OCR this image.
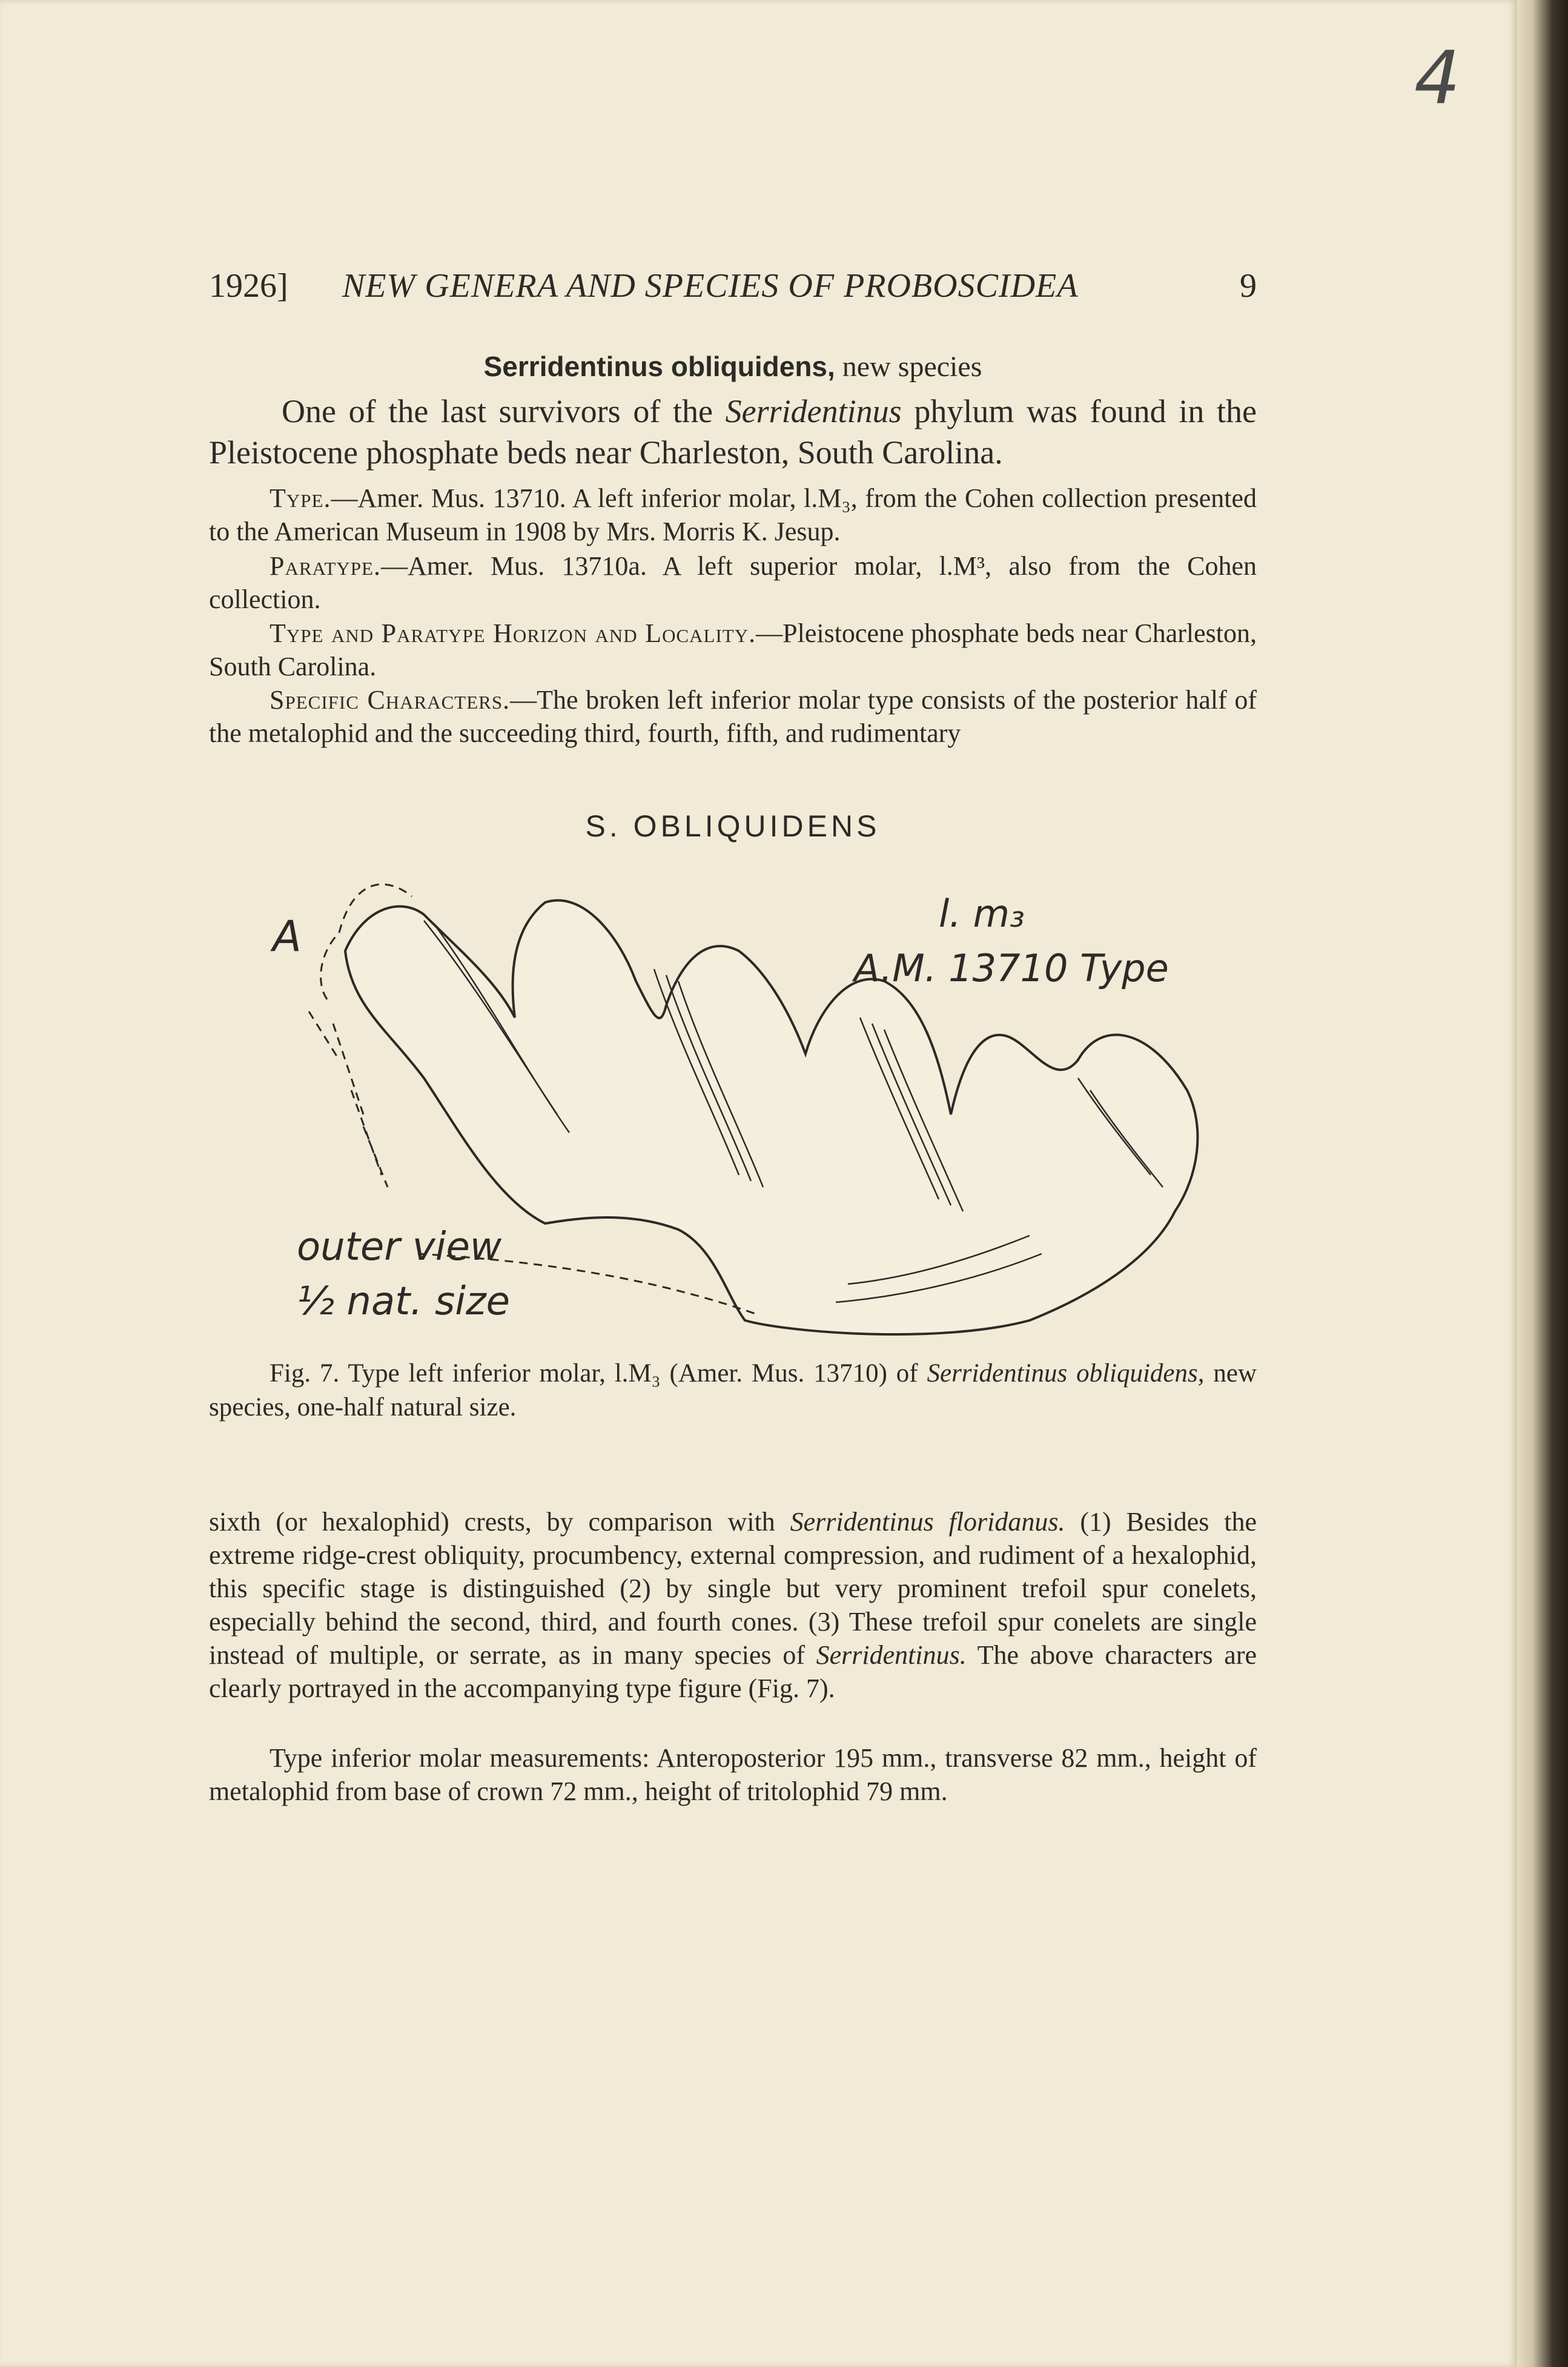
4
1926] NEW GENERA AND SPECIES OF PROBOSCIDEA	9
Serridentinus obliquidens, new species
One of the last survivors of the Serridentinus phylum was found in the Pleistocene phosphate beds near Charleston, South Carolina.
Type.—Amer. Mus. 13710. A left inferior molar, l.M₃, from the Cohen collection presented to the American Museum in 1908 by Mrs. Morris K. Jesup.
Paratype.—Amer. Mus. 13710a. A left superior molar, l.M³, also from the Cohen collection.
Type and Paratype Horizon and Locality.—Pleistocene phosphate beds near Charleston, South Carolina.
Specific Characters.—The broken left inferior molar type consists of the posterior half of the metalophid and the succeeding third, fourth, fifth, and rudimentary
S. OBLIQUIDENS
A	l. m₃
A.M. 13710 Type
outer view
½ nat. size
Fig. 7. Type left inferior molar, l.M₃ (Amer. Mus. 13710) of Serridentinus obliquidens, new species, one-half natural size.
sixth (or hexalophid) crests, by comparison with Serridentinus floridanus. (1) Besides the extreme ridge-crest obliquity, procumbency, external compression, and rudiment of a hexalophid, this specific stage is distinguished (2) by single but very prominent trefoil spur conelets, especially behind the second, third, and fourth cones. (3) These trefoil spur conelets are single instead of multiple, or serrate, as in many species of Serridentinus. The above characters are clearly portrayed in the accompanying type figure (Fig. 7).
Type inferior molar measurements: Anteroposterior 195 mm., transverse 82 mm., height of metalophid from base of crown 72 mm., height of tritolophid 79 mm.
